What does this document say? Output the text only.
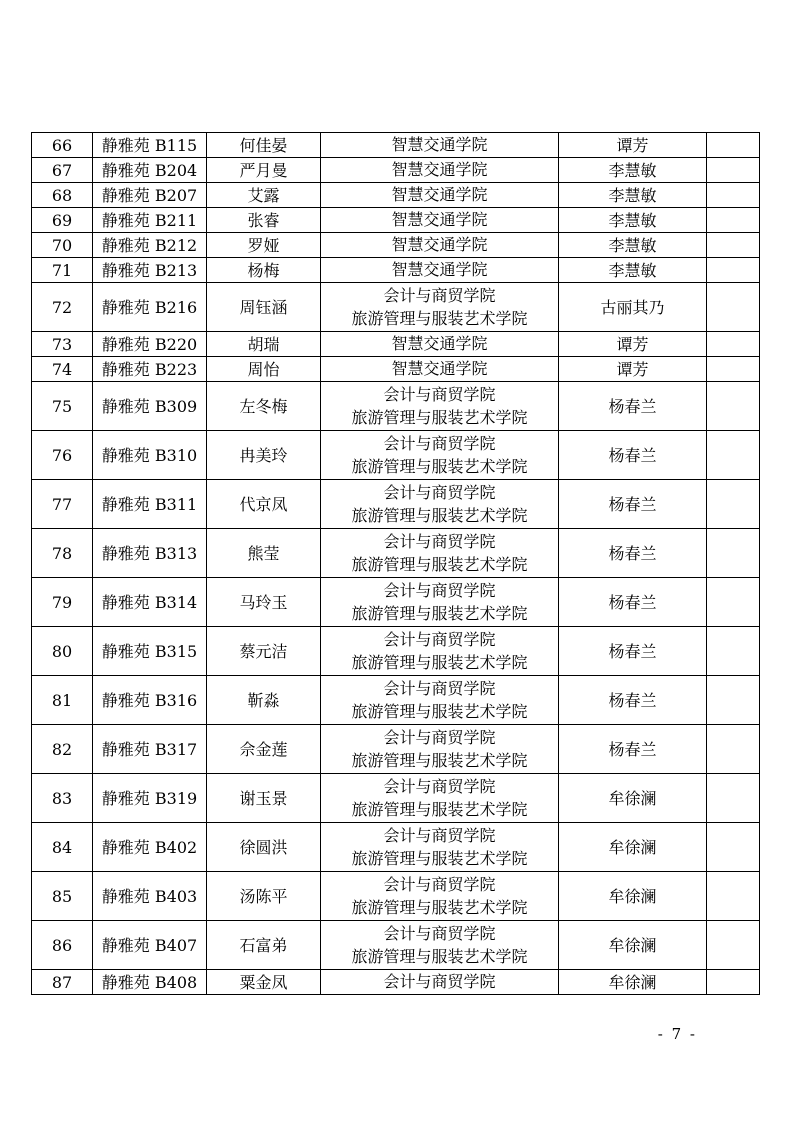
66	静雅苑 B115	何佳晏	智慧交通学院	谭芳	
67	静雅苑 B204	严月曼	智慧交通学院	李慧敏	
68	静雅苑 B207	艾露	智慧交通学院	李慧敏	
69	静雅苑 B211	张睿	智慧交通学院	李慧敏	
70	静雅苑 B212	罗娅	智慧交通学院	李慧敏	
71	静雅苑 B213	杨梅	智慧交通学院	李慧敏	
72	静雅苑 B216	周钰涵	会计与商贸学院
旅游管理与服装艺术学院	古丽其乃	
73	静雅苑 B220	胡瑞	智慧交通学院	谭芳	
74	静雅苑 B223	周怡	智慧交通学院	谭芳	
75	静雅苑 B309	左冬梅	会计与商贸学院
旅游管理与服装艺术学院	杨春兰	
76	静雅苑 B310	冉美玲	会计与商贸学院
旅游管理与服装艺术学院	杨春兰	
77	静雅苑 B311	代京凤	会计与商贸学院
旅游管理与服装艺术学院	杨春兰	
78	静雅苑 B313	熊莹	会计与商贸学院
旅游管理与服装艺术学院	杨春兰	
79	静雅苑 B314	马玲玉	会计与商贸学院
旅游管理与服装艺术学院	杨春兰	
80	静雅苑 B315	蔡元洁	会计与商贸学院
旅游管理与服装艺术学院	杨春兰	
81	静雅苑 B316	靳淼	会计与商贸学院
旅游管理与服装艺术学院	杨春兰	
82	静雅苑 B317	佘金莲	会计与商贸学院
旅游管理与服装艺术学院	杨春兰	
83	静雅苑 B319	谢玉景	会计与商贸学院
旅游管理与服装艺术学院	牟徐澜	
84	静雅苑 B402	徐圆洪	会计与商贸学院
旅游管理与服装艺术学院	牟徐澜	
85	静雅苑 B403	汤陈平	会计与商贸学院
旅游管理与服装艺术学院	牟徐澜	
86	静雅苑 B407	石富弟	会计与商贸学院
旅游管理与服装艺术学院	牟徐澜	
87	静雅苑 B408	粟金凤	会计与商贸学院	牟徐澜	
- 7 -
